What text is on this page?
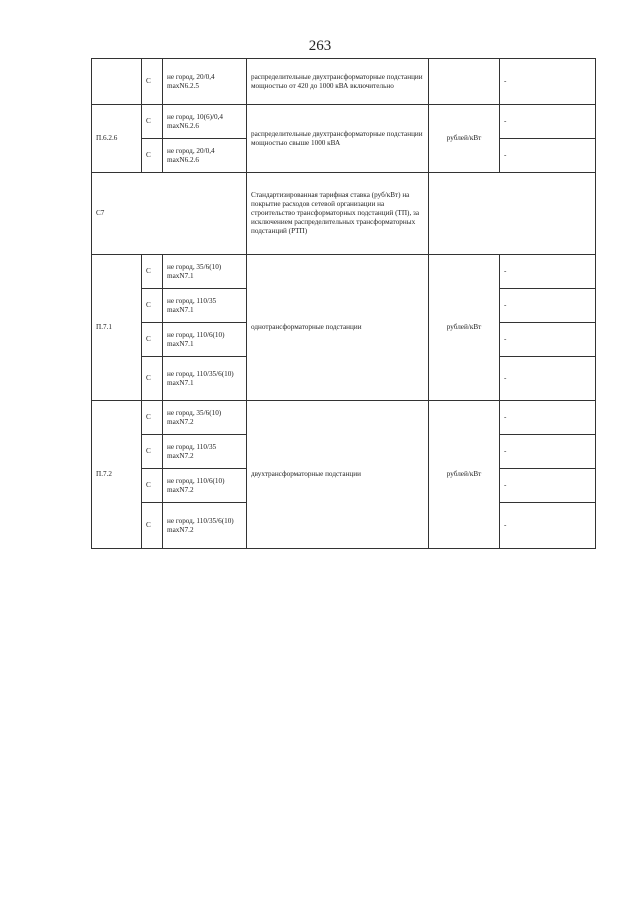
263
	С	не город, 20/0,4 maxN6.2.5	распределительные двухтрансформаторные подстанции мощностью от 420 до 1000 кВА включительно		-
П.6.2.6	С	не город, 10(6)/0,4 maxN6.2.6	распределительные двухтрансформаторные подстанции мощностью свыше 1000 кВА	рублей/кВт	-
	С	не город, 20/0,4 maxN6.2.6			-
С7			Стандартизированная тарифная ставка (руб/кВт) на покрытие расходов сетевой организации на строительство трансформаторных подстанций (ТП), за исключением распределительных трансформаторных подстанций (РТП)		
П.7.1	С	не город, 35/6(10) maxN7.1	однотрансформаторные подстанции	рублей/кВт	-
	С	не город, 110/35 maxN7.1			-
	С	не город, 110/6(10) maxN7.1			-
	С	не город, 110/35/6(10) maxN7.1			-
П.7.2	С	не город, 35/6(10) maxN7.2	двухтрансформаторные подстанции	рублей/кВт	-
	С	не город, 110/35 maxN7.2			-
	С	не город, 110/6(10) maxN7.2			-
	С	не город, 110/35/6(10) maxN7.2			-
